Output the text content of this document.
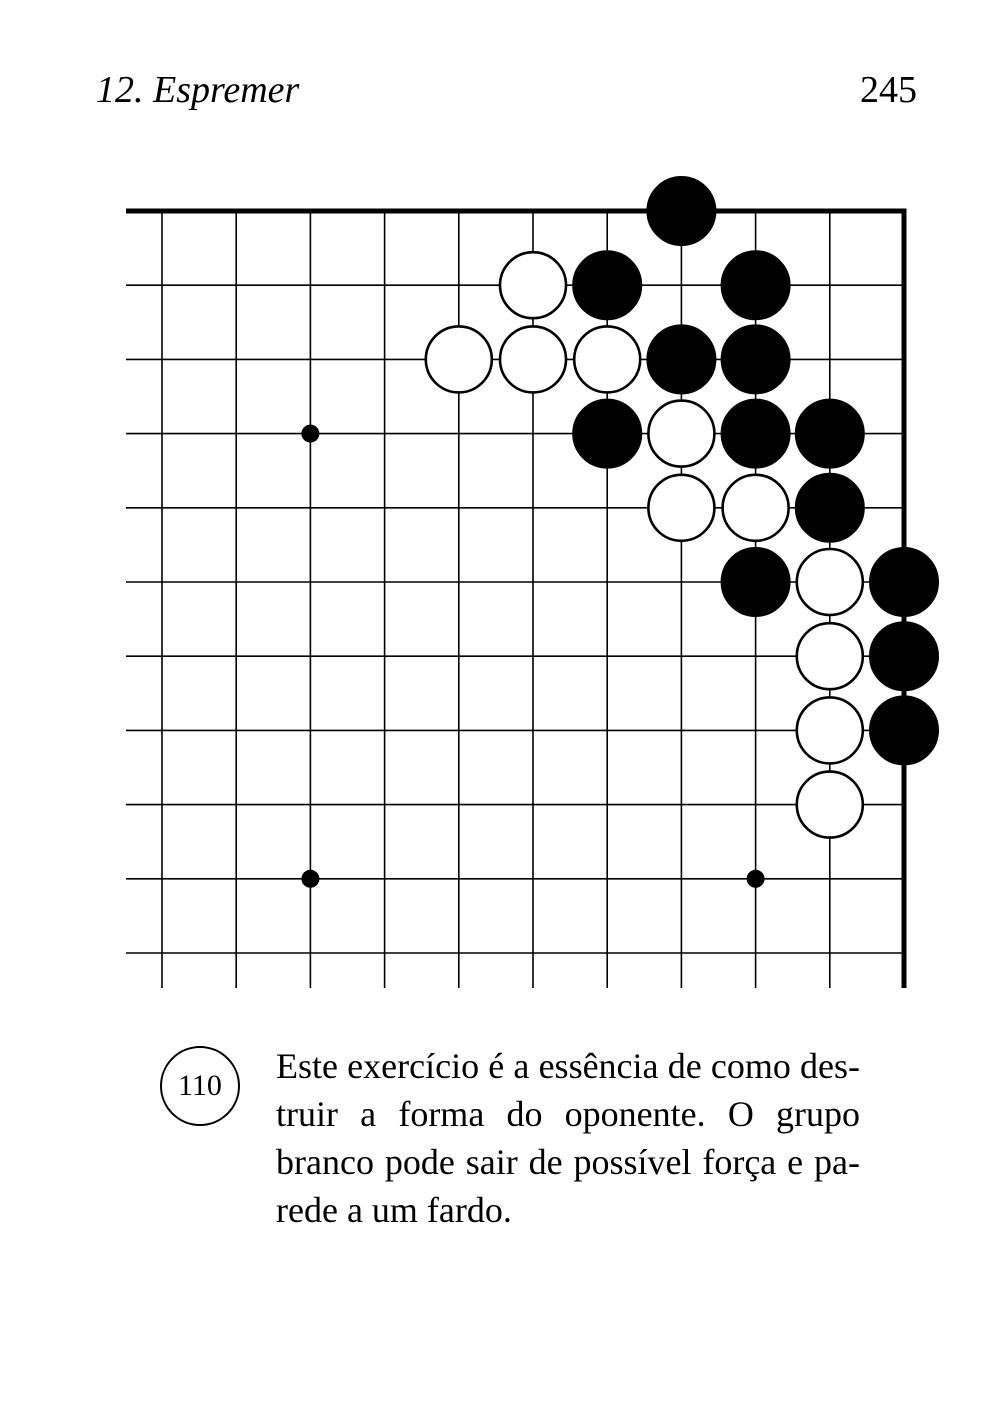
12. Espremer	245
110	Este exercício é a essência de como des-
truir a forma do oponente. O grupo
branco pode sair de possível força e pa-
rede a um fardo.
